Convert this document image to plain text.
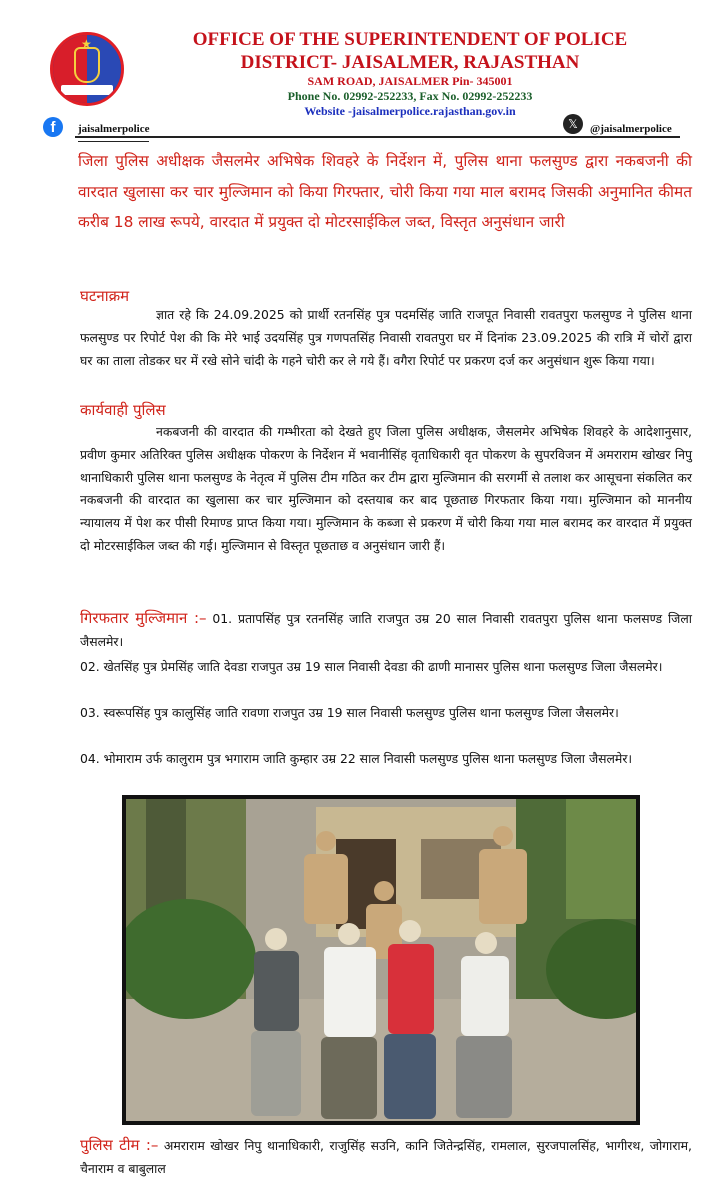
★	OFFICE OF THE SUPERINTENDENT OF POLICE
DISTRICT- JAISALMER, RAJASTHAN
SAM ROAD, JAISALMER Pin- 345001
Phone No. 02992-252233, Fax No. 02992-252233
Website -jaisalmerpolice.rajasthan.gov.in
f	jaisalmerpolice	𝕏	@jaisalmerpolice
जिला पुलिस अधीक्षक जैसलमेर अभिषेक शिवहरे के निर्देशन में, पुलिस थाना फलसुण्ड द्वारा नकबजनी की वारदात खुलासा कर चार मुल्जिमान को किया गिरफ्तार, चोरी किया गया माल बरामद जिसकी अनुमानित कीमत करीब 18 लाख रूपये, वारदात में प्रयुक्त दो मोटरसाईकिल जब्त, विस्तृत अनुसंधान जारी
घटनाक्रम
ज्ञात रहे कि 24.09.2025 को प्रार्थी रतनसिंह पुत्र पदमसिंह जाति राजपूत निवासी रावतपुरा फलसुण्ड ने पुलिस थाना फलसुण्ड पर रिपोर्ट पेश की कि मेरे भाई उदयसिंह पुत्र गणपतसिंह निवासी रावतपुरा घर में दिनांक 23.09.2025 की रात्रि में चोरों द्वारा घर का ताला तोडकर घर में रखे सोने चांदी के गहने चोरी कर ले गये हैं। वगैरा रिपोर्ट पर प्रकरण दर्ज कर अनुसंधान शुरू किया गया।
कार्यवाही पुलिस
नकबजनी की वारदात की गम्भीरता को देखते हुए जिला पुलिस अधीक्षक, जैसलमेर अभिषेक शिवहरे के आदेशानुसार, प्रवीण कुमार अतिरिक्त पुलिस अधीक्षक पोकरण के निर्देशन में भवानीसिंह वृताधिकारी वृत पोकरण के सुपरविजन में अमराराम खोखर निपु थानाधिकारी पुलिस थाना फलसुण्ड के नेतृत्व में पुलिस टीम गठित कर टीम द्वारा मुल्जिमान की सरगर्मी से तलाश कर आसूचना संकलित कर नकबजनी की वारदात का खुलासा कर चार मुल्जिमान को दस्तयाब कर बाद पूछताछ गिरफतार किया गया। मुल्जिमान को माननीय न्यायालय में पेश कर पीसी रिमाण्ड प्राप्त किया गया। मुल्जिमान के कब्जा से प्रकरण में चोरी किया गया माल बरामद कर वारदात में प्रयुक्त दो मोटरसाईकिल जब्त की गई। मुल्जिमान से विस्तृत पूछताछ व अनुसंधान जारी हैं।
गिरफतार मुल्जिमान :– 01. प्रतापसिंह पुत्र रतनसिंह जाति राजपुत उम्र 20 साल निवासी रावतपुरा पुलिस थाना फलसण्ड जिला जैसलमेर।
02. खेतसिंह पुत्र प्रेमसिंह जाति देवडा राजपुत उम्र 19 साल निवासी देवडा की ढाणी मानासर पुलिस थाना फलसुण्ड जिला जैसलमेर।
03. स्वरूपसिंह पुत्र कालुसिंह जाति रावणा राजपुत उम्र 19 साल निवासी फलसुण्ड पुलिस थाना फलसुण्ड जिला जैसलमेर।
04. भोमाराम उर्फ कालुराम पुत्र भगाराम जाति कुम्हार उम्र 22 साल निवासी फलसुण्ड पुलिस थाना फलसुण्ड जिला जैसलमेर।
पुलिस टीम :– अमराराम खोखर निपु थानाधिकारी, राजुसिंह सउनि, कानि जितेन्द्रसिंह, रामलाल, सुरजपालसिंह, भागीरथ, जोगाराम, चैनाराम व बाबुलाल
